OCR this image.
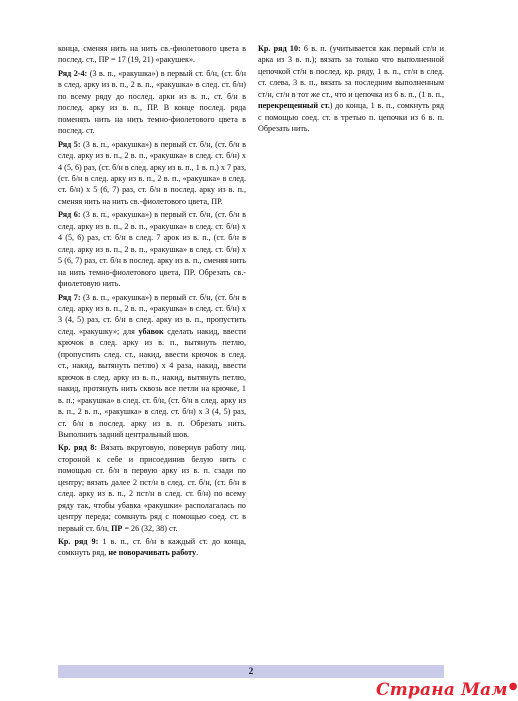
конца, сменяя нить на нить св.-фиолетового цвета в послед. ст., ПР = 17 (19, 21) «ракушек».

Ряд 2-4: (3 в. п., «ракушка») в первый ст. б/н, (ст. б/н в след. арку из в. п., 2 в. п., «ракушка» в след. ст. б/н) по всему ряду до послед. арки из в. п., ст. б/н в послед. арку из в. п., ПР. В конце послед. ряда поменять нить на нить темно-фиолетового цвета в послед. ст.

Ряд 5: (3 в. п., «ракушка») в первый ст. б/н, (ст. б/н в след. арку из в. п., 2 в. п., «ракушка» в след. ст. б/н) х 4 (5, 6) раз, (ст. б/н в след. арку из в. п., 1 в. п.) х 7 раз, (ст. б/н в след. арку из в. п., 2 в. п., «ракушка» в след. ст. б/н) х 5 (6, 7) раз, ст. б/н в послед. арку из в. п., сменяя нить на нить св.-фиолетового цвета, ПР.

Ряд 6: (3 в. п., «ракушка») в первый ст. б/н, (ст. б/н в след. арку из в. п., 2 в. п., «ракушка» в след. ст. б/н) х 4 (5, 6) раз, ст. б/н в след. 7 арок из в. п., (ст. б/н в след. арку из в. п., 2 в. п., «ракушка» в след. ст. б/н) х 5 (6, 7) раз, ст. б/н в послед. арку из в. п., сменяя нить на нить темно-фиолетового цвета, ПР. Обрезать св.-фиолетовую нить.

Ряд 7: (3 в. п., «ракушка») в первый ст. б/н, (ст. б/н в след. арку из в. п., 2 в. п., «ракушка» в след. ст. б/н) х 3 (4, 5) раз, ст. б/н в след. арку из в. п., пропустить след. «ракушку»; для убавок сделать накид, ввести крючок в след. арку из в. п., вытянуть петлю, (пропустить след. ст., накид, ввести крючок в след. ст., накид, вытянуть петлю) х 4 раза, накид, ввести крючок в след. арку из в. п., накид, вытянуть петлю, накид, протянуть нить сквозь все петли на крючке, 1 в. п.; «ракушка» в след. ст. б/н, (ст. б/н в след. арку из в. п., 2 в. п., «ракушка» в след. ст. б/н) х 3 (4, 5) раз, ст. б/н в послед. арку из в. п. Обрезать нить. Выполнить задний центральный шов.

Кр. ряд 8: Вязать вкруговую, повернув работу лиц. стороной к себе и присоединив белую нить с помощью ст. б/н в первую арку из в. п. сзади по центру; вязать далее 2 пст/н в след. ст. б/н, (ст. б/н в след. арку из в. п., 2 пст/н в след. ст. б/н) по всему ряду так, чтобы убавка «ракушки» располагалась по центру переда; сомкнуть ряд с помощью соед. ст. в первый ст. б/н, ПР = 26 (32, 38) ст.

Кр. ряд 9: 1 в. п., ст. б/н в каждый ст. до конца, сомкнуть ряд, не поворачивать работу.

Кр. ряд 10: 6 в. п. (учитывается как первый ст/н и арка из 3 в. п.); вязать за только что выполненной цепочкой ст/н в послед. кр. ряду, 1 в. п., ст/н в след. ст. слева, 3 в. п., вязать за последним выполненным ст/н, ст/н в тот же ст., что и цепочка из 6 в. п., (1 в. п., перекрещенный ст.) до конца, 1 в. п., сомкнуть ряд с помощью соед. ст. в третью п. цепочки из 6 в. п. Обрезать нить.

2
Страна Мам●
